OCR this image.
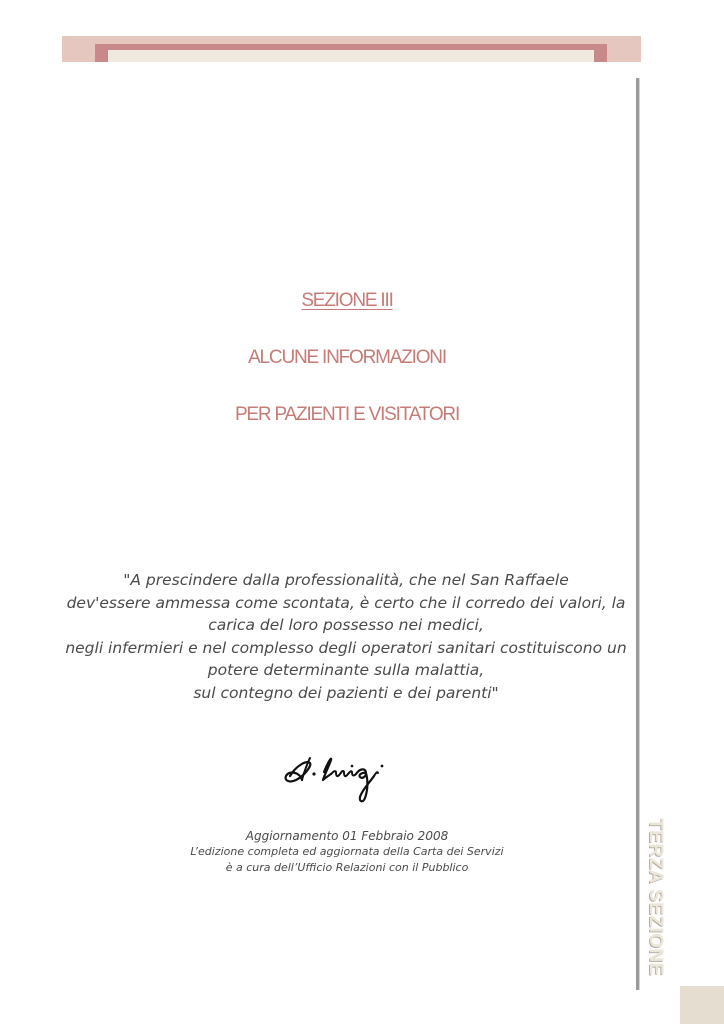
SEZIONE III
ALCUNE INFORMAZIONI
PER PAZIENTI E VISITATORI
"A prescindere dalla professionalità, che nel San Raffaele
dev'essere ammessa come scontata, è certo che il corredo dei valori, la
carica del loro possesso nei medici,
negli infermieri e nel complesso degli operatori sanitari costituiscono un
potere determinante sulla malattia,
sul contegno dei pazienti e dei parenti"
Aggiornamento 01 Febbraio 2008
L’edizione completa ed aggiornata della Carta dei Servizi
è a cura dell’Ufficio Relazioni con il Pubblico	TERZA SEZIONE
